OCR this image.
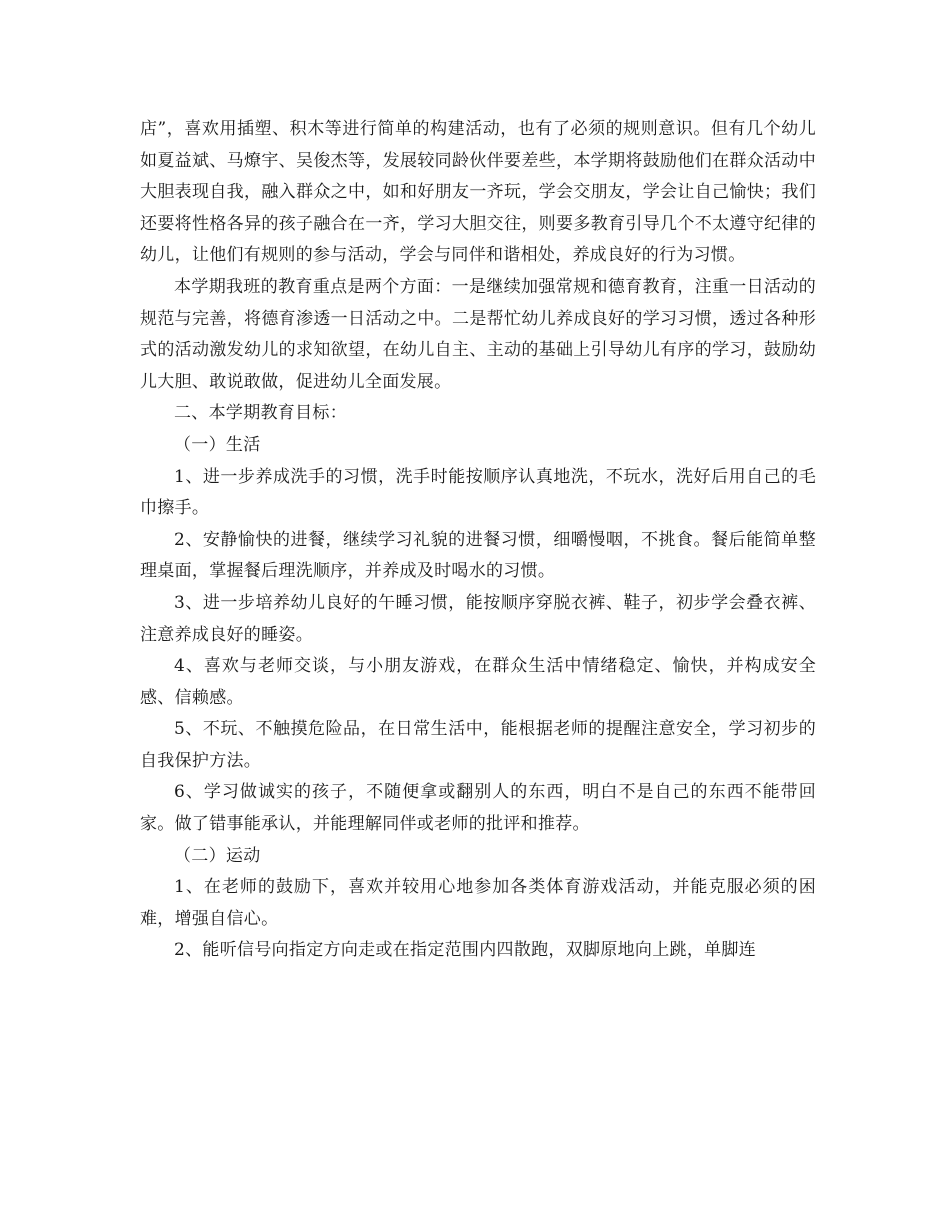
店”，喜欢用插塑、积木等进行简单的构建活动，也有了必须的规则意识。但有几个幼儿如夏益斌、马燎宇、吴俊杰等，发展较同龄伙伴要差些，本学期将鼓励他们在群众活动中大胆表现自我，融入群众之中，如和好朋友一齐玩，学会交朋友，学会让自己愉快；我们还要将性格各异的孩子融合在一齐，学习大胆交往，则要多教育引导几个不太遵守纪律的幼儿，让他们有规则的参与活动，学会与同伴和谐相处，养成良好的行为习惯。

本学期我班的教育重点是两个方面：一是继续加强常规和德育教育，注重一日活动的规范与完善，将德育渗透一日活动之中。二是帮忙幼儿养成良好的学习习惯，透过各种形式的活动激发幼儿的求知欲望，在幼儿自主、主动的基础上引导幼儿有序的学习，鼓励幼儿大胆、敢说敢做，促进幼儿全面发展。

二、本学期教育目标：

（一）生活

1、进一步养成洗手的习惯，洗手时能按顺序认真地洗，不玩水，洗好后用自己的毛巾擦手。

2、安静愉快的进餐，继续学习礼貌的进餐习惯，细嚼慢咽，不挑食。餐后能简单整理桌面，掌握餐后理洗顺序，并养成及时喝水的习惯。

3、进一步培养幼儿良好的午睡习惯，能按顺序穿脱衣裤、鞋子，初步学会叠衣裤、注意养成良好的睡姿。

4、喜欢与老师交谈，与小朋友游戏，在群众生活中情绪稳定、愉快，并构成安全感、信赖感。

5、不玩、不触摸危险品，在日常生活中，能根据老师的提醒注意安全，学习初步的自我保护方法。

6、学习做诚实的孩子，不随便拿或翻别人的东西，明白不是自己的东西不能带回家。做了错事能承认，并能理解同伴或老师的批评和推荐。

（二）运动

1、在老师的鼓励下，喜欢并较用心地参加各类体育游戏活动，并能克服必须的困难，增强自信心。

2、能听信号向指定方向走或在指定范围内四散跑，双脚原地向上跳，单脚连
